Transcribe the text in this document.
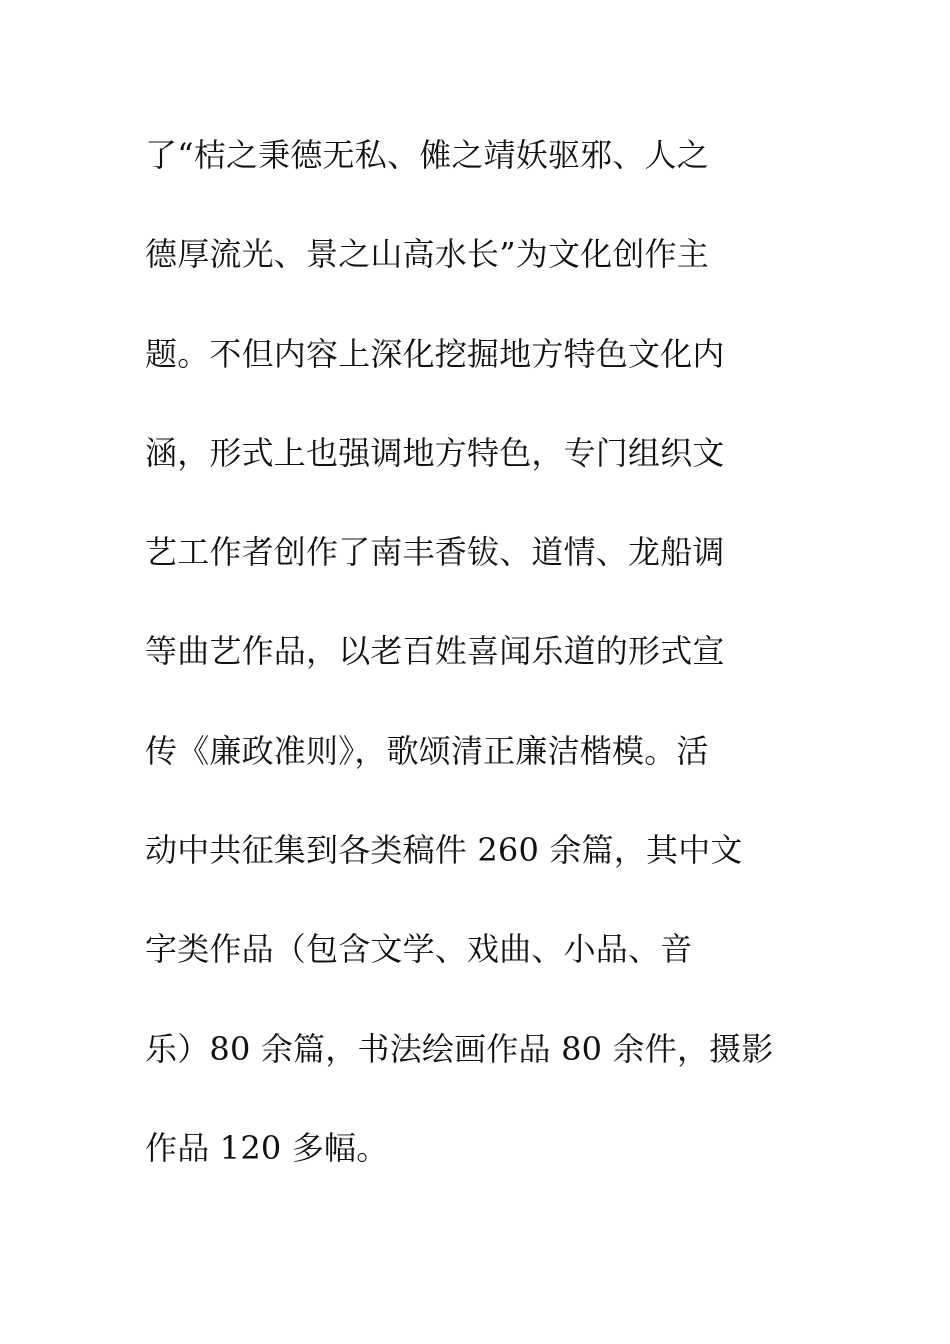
了“桔之秉德无私、傩之靖妖驱邪、人之
德厚流光、景之山高水长”为文化创作主
题。不但内容上深化挖掘地方特色文化内
涵，形式上也强调地方特色，专门组织文
艺工作者创作了南丰香钹、道情、龙船调
等曲艺作品，以老百姓喜闻乐道的形式宣
传《廉政准则》，歌颂清正廉洁楷模。活
动中共征集到各类稿件 260 余篇，其中文
字类作品（包含文学、戏曲、小品、音
乐）80 余篇，书法绘画作品 80 余件，摄影
作品 120 多幅。
